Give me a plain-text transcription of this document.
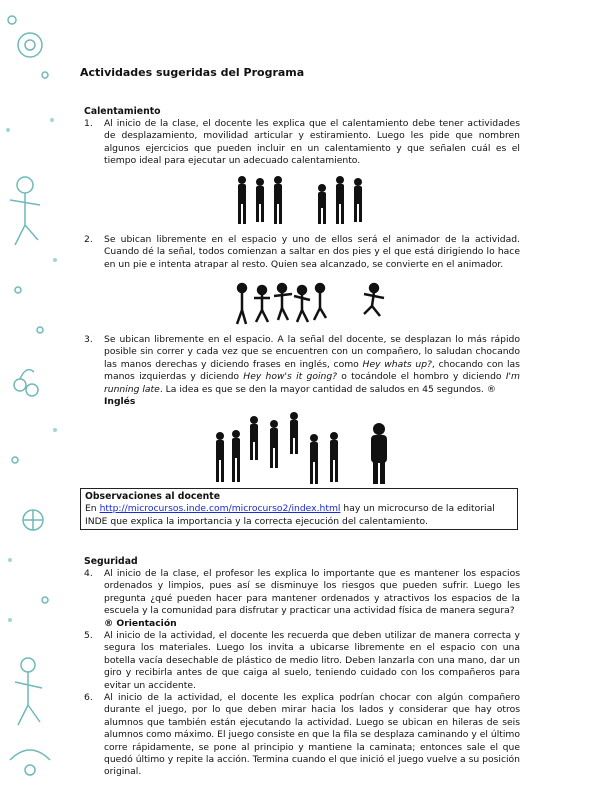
Actividades sugeridas del Programa
Calentamiento
1. Al inicio de la clase, el docente les explica que el calentamiento debe tener actividades de desplazamiento, movilidad articular y estiramiento. Luego les pide que nombren algunos ejercicios que pueden incluir en un calentamiento y que señalen cuál es el tiempo ideal para ejecutar un adecuado calentamiento.
2. Se ubican libremente en el espacio y uno de ellos será el animador de la actividad. Cuando dé la señal, todos comienzan a saltar en dos pies y el que está dirigiendo lo hace en un pie e intenta atrapar al resto. Quien sea alcanzado, se convierte en el animador.
3. Se ubican libremente en el espacio. A la señal del docente, se desplazan lo más rápido posible sin correr y cada vez que se encuentren con un compañero, lo saludan chocando las manos derechas y diciendo frases en inglés, como Hey whats up?, chocando con las manos izquierdas y diciendo Hey how's it going? o tocándole el hombro y diciendo I'm running late. La idea es que se den la mayor cantidad de saludos en 45 segundos. ®
Inglés
Observaciones al docente
En http://microcursos.inde.com/microcurso2/index.html hay un microcurso de la editorial INDE que explica la importancia y la correcta ejecución del calentamiento.
Seguridad
4. Al inicio de la clase, el profesor les explica lo importante que es mantener los espacios ordenados y limpios, pues así se disminuye los riesgos que pueden sufrir. Luego les pregunta ¿qué pueden hacer para mantener ordenados y atractivos los espacios de la escuela y la comunidad para disfrutar y practicar una actividad física de manera segura?
® Orientación
5. Al inicio de la actividad, el docente les recuerda que deben utilizar de manera correcta y segura los materiales. Luego los invita a ubicarse libremente en el espacio con una botella vacía desechable de plástico de medio litro. Deben lanzarla con una mano, dar un giro y recibirla antes de que caiga al suelo, teniendo cuidado con los compañeros para evitar un accidente.
6. Al inicio de la actividad, el docente les explica podrían chocar con algún compañero durante el juego, por lo que deben mirar hacia los lados y considerar que hay otros alumnos que también están ejecutando la actividad. Luego se ubican en hileras de seis alumnos como máximo. El juego consiste en que la fila se desplaza caminando y el último corre rápidamente, se pone al principio y mantiene la caminata; entonces sale el que quedó último y repite la acción. Termina cuando el que inició el juego vuelve a su posición original.
